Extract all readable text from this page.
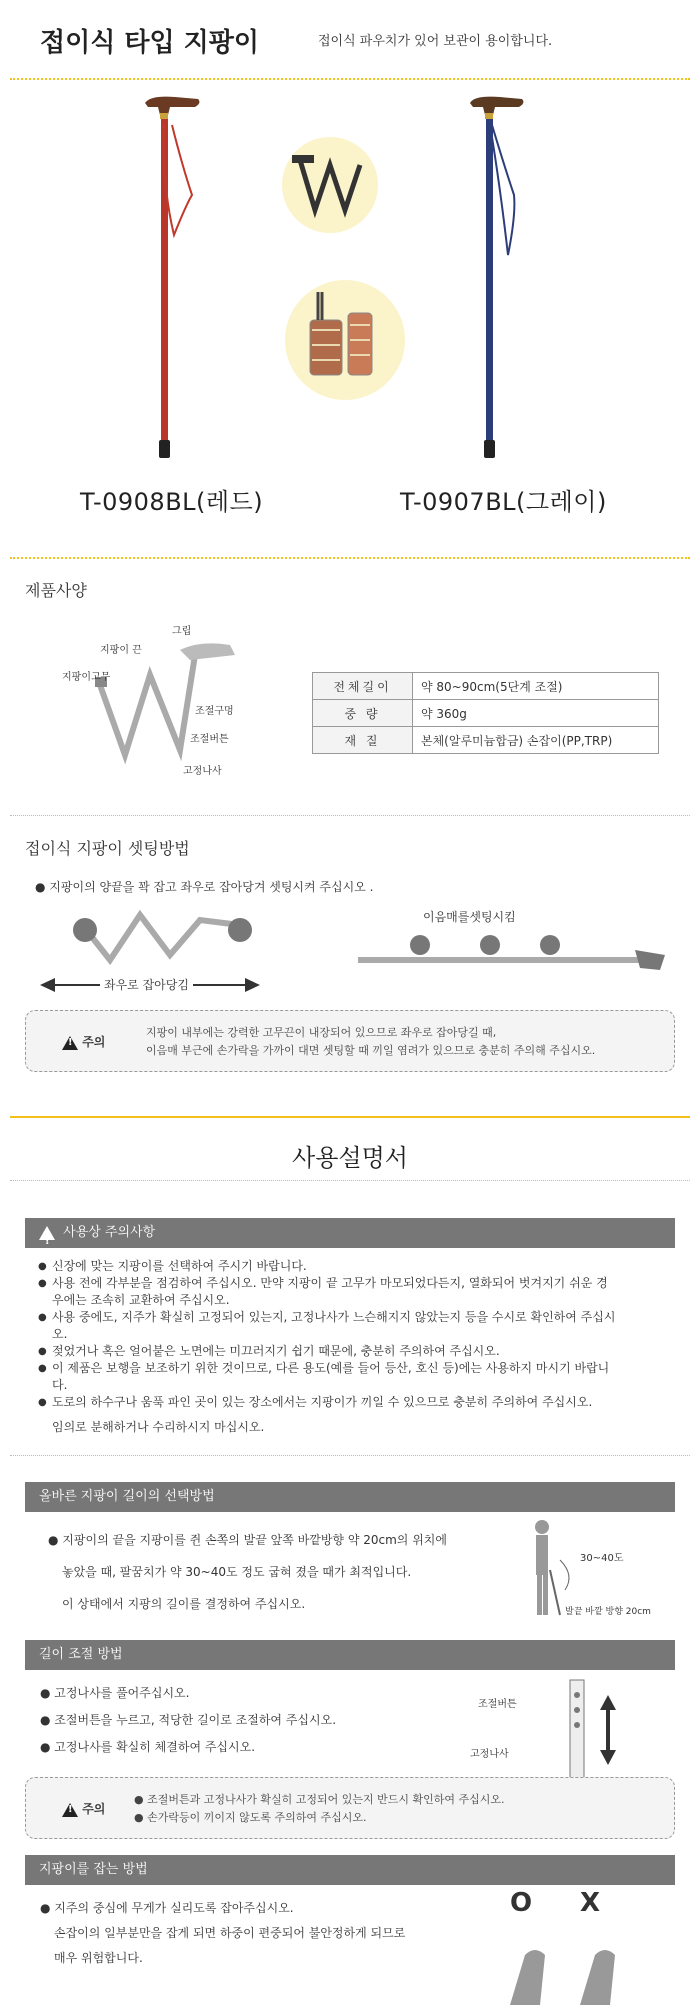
접이식 타입 지팡이	접이식 파우치가 있어 보관이 용이합니다.
T-0908BL(레드)	T-0907BL(그레이)
제품사양
그립
지팡이 끈
지팡이고무
조절구멍
조절버튼
고정나사
전체길이	약 80~90cm(5단계 조절)
중 량	약 360g
재 질	본체(알루미늄합금) 손잡이(PP,TRP)
접이식 지팡이 셋팅방법
● 지팡이의 양끝을 꽉 잡고 좌우로 잡아당겨 셋팅시켜 주십시오 .
좌우로 잡아당김
이음매를셋팅시킴
! 주의
지팡이 내부에는 강력한 고무끈이 내장되어 있으므로 좌우로 잡아당길 때,
이음매 부근에 손가락을 가까이 대면 셋팅할 때 끼일 염려가 있으므로 충분히 주의해 주십시오.
사용설명서
! 사용상 주의사항
● 신장에 맞는 지팡이를 선택하여 주시기 바랍니다.
● 사용 전에 각부분을 점검하여 주십시오. 만약 지팡이 끝 고무가 마모되었다든지, 열화되어 벗겨지기 쉬운 경우에는 조속히 교환하여 주십시오.
● 사용 중에도, 지주가 확실히 고정되어 있는지, 고정나사가 느슨해지지 않았는지 등을 수시로 확인하여 주십시오.
● 젖었거나 혹은 얼어붙은 노면에는 미끄러지기 쉽기 때문에, 충분히 주의하여 주십시오.
● 이 제품은 보행을 보조하기 위한 것이므로, 다른 용도(예를 들어 등산, 호신 등)에는 사용하지 마시기 바랍니다.
● 도로의 하수구나 움푹 파인 곳이 있는 장소에서는 지팡이가 끼일 수 있으므로 충분히 주의하여 주십시오.
임의로 분해하거나 수리하시지 마십시오.
올바른 지팡이 길이의 선택방법
● 지팡이의 끝을 지팡이를 쥔 손쪽의 발끝 앞쪽 바깥방향 약 20cm의 위치에
놓았을 때, 팔꿈치가 약 30~40도 정도 굽혀 졌을 때가 최적입니다.
이 상태에서 지팡의 길이를 결정하여 주십시오.
30~40도
발끝 바깥 방향 20cm
길이 조절 방법
● 고정나사를 풀어주십시오.
● 조절버튼을 누르고, 적당한 길이로 조절하여 주십시오.
● 고정나사를 확실히 체결하여 주십시오.
조절버튼
고정나사
! 주의
● 조절버튼과 고정나사가 확실히 고정되어 있는지 반드시 확인하여 주십시오.
● 손가락등이 끼이지 않도록 주의하여 주십시오.
지팡이를 잡는 방법
● 지주의 중심에 무게가 실리도록 잡아주십시오.
손잡이의 일부분만을 잡게 되면 하중이 편중되어 불안정하게 되므로
매우 위험합니다.
O X
